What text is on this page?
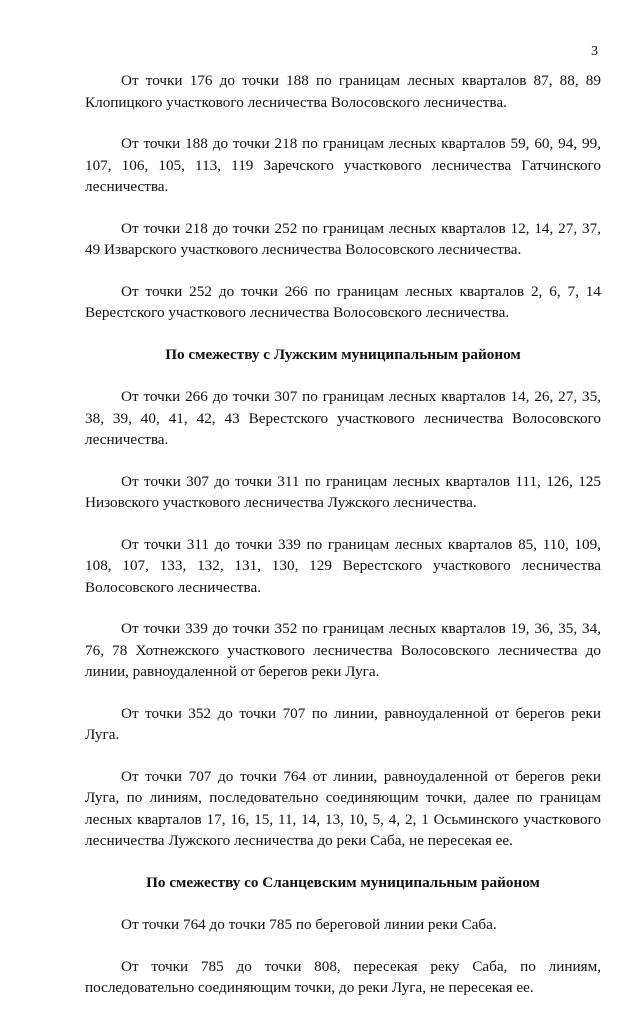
3

От точки 176 до точки 188 по границам лесных кварталов 87, 88, 89 Клопицкого участкового лесничества Волосовского лесничества.

От точки 188 до точки 218 по границам лесных кварталов 59, 60, 94, 99, 107, 106, 105, 113, 119 Заречского участкового лесничества Гатчинского лесничества.

От точки 218 до точки 252 по границам лесных кварталов 12, 14, 27, 37, 49 Изварского участкового лесничества Волосовского лесничества.

От точки 252 до точки 266 по границам лесных кварталов 2, 6, 7, 14 Верестского участкового лесничества Волосовского лесничества.

По смежеству с Лужским муниципальным районом

От точки 266 до точки 307 по границам лесных кварталов 14, 26, 27, 35, 38, 39, 40, 41, 42, 43 Верестского участкового лесничества Волосовского лесничества.

От точки 307 до точки 311 по границам лесных кварталов 111, 126, 125 Низовского участкового лесничества Лужского лесничества.

От точки 311 до точки 339 по границам лесных кварталов 85, 110, 109, 108, 107, 133, 132, 131, 130, 129 Верестского участкового лесничества Волосовского лесничества.

От точки 339 до точки 352 по границам лесных кварталов 19, 36, 35, 34, 76, 78 Хотнежского участкового лесничества Волосовского лесничества до линии, равноудаленной от берегов реки Луга.

От точки 352 до точки 707 по линии, равноудаленной от берегов реки Луга.

От точки 707 до точки 764 от линии, равноудаленной от берегов реки Луга, по линиям, последовательно соединяющим точки, далее по границам лесных кварталов 17, 16, 15, 11, 14, 13, 10, 5, 4, 2, 1 Осьминского участкового лесничества Лужского лесничества до реки Саба, не пересекая ее.

По смежеству со Сланцевским муниципальным районом

От точки 764 до точки 785 по береговой линии реки Саба.

От точки 785 до точки 808, пересекая реку Саба, по линиям, последовательно соединяющим точки, до реки Луга, не пересекая ее.
